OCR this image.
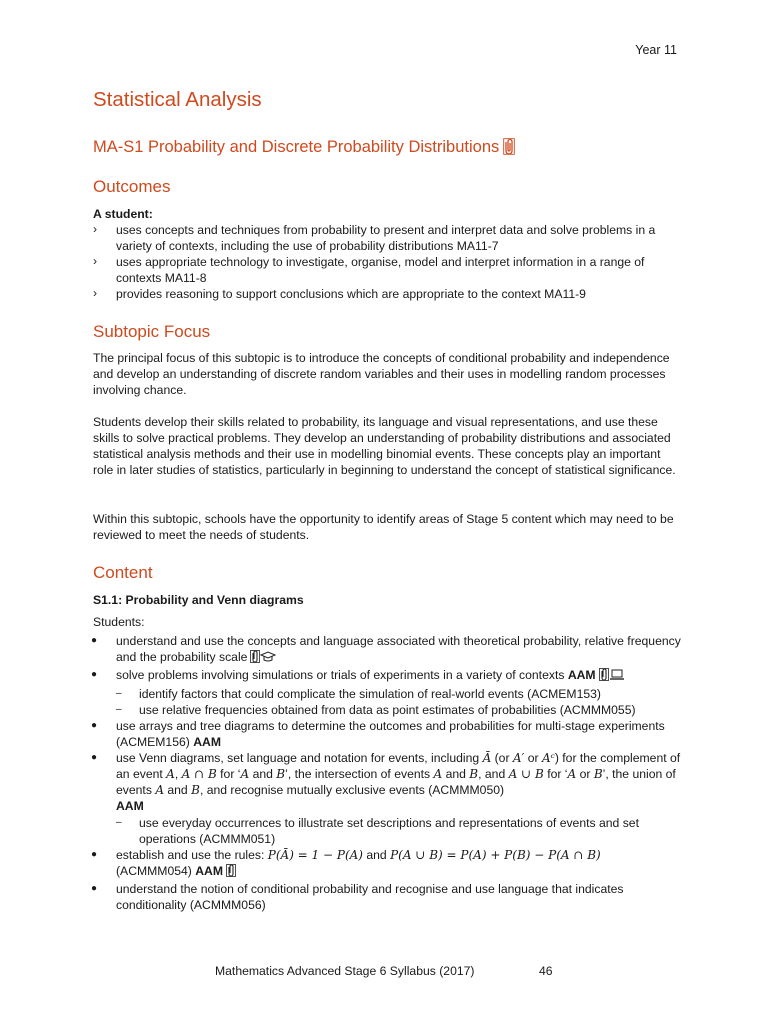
Year 11
Statistical Analysis
MA-S1 Probability and Discrete Probability Distributions
Outcomes

A student:

› uses concepts and techniques from probability to present and interpret data and solve problems in a variety of contexts, including the use of probability distributions MA11-7
› uses appropriate technology to investigate, organise, model and interpret information in a range of contexts MA11-8
› provides reasoning to support conclusions which are appropriate to the context MA11-9
Subtopic Focus
The principal focus of this subtopic is to introduce the concepts of conditional probability and independence and develop an understanding of discrete random variables and their uses in modelling random processes involving chance.
Students develop their skills related to probability, its language and visual representations, and use these skills to solve practical problems. They develop an understanding of probability distributions and associated statistical analysis methods and their use in modelling binomial events. These concepts play an important role in later studies of statistics, particularly in beginning to understand the concept of statistical significance.
Within this subtopic, schools have the opportunity to identify areas of Stage 5 content which may need to be reviewed to meet the needs of students.
Content
S1.1: Probability and Venn diagrams
Students:
● understand and use the concepts and language associated with theoretical probability, relative frequency and the probability scale
● solve problems involving simulations or trials of experiments in a variety of contexts AAM
– identify factors that could complicate the simulation of real-world events (ACMEM153)
– use relative frequencies obtained from data as point estimates of probabilities (ACMMM055)
● use arrays and tree diagrams to determine the outcomes and probabilities for multi-stage experiments (ACMEM156) AAM
● use Venn diagrams, set language and notation for events, including Ā (or A′ or Aᶜ) for the complement of an event A, A ∩ B for ‘A and B’, the intersection of events A and B, and A ∪ B for ‘A or B’, the union of events A and B, and recognise mutually exclusive events (ACMMM050)
AAM
– use everyday occurrences to illustrate set descriptions and representations of events and set operations (ACMMM051)
● establish and use the rules: P(Ā) = 1 − P(A) and P(A ∪ B) = P(A) + P(B) − P(A ∩ B)
(ACMMM054) AAM
● understand the notion of conditional probability and recognise and use language that indicates conditionality (ACMMM056)
Mathematics Advanced Stage 6 Syllabus (2017)	46
